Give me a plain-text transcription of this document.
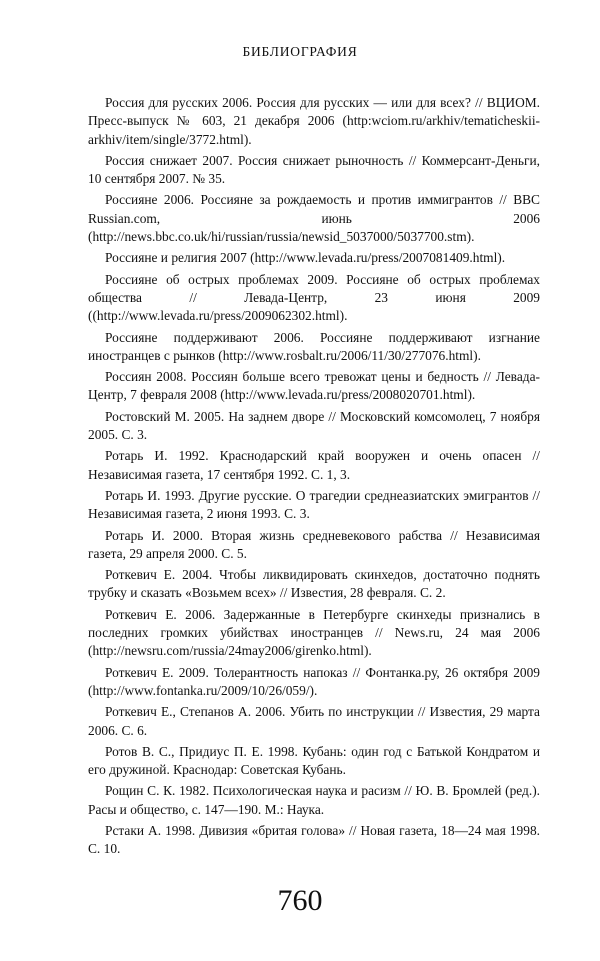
БИБЛИОГРАФИЯ

Россия для русских 2006. Россия для русских — или для всех? // ВЦИОМ. Пресс-выпуск № 603, 21 декабря 2006 (http:wciom.ru/arkhiv/tematicheskii-arkhiv/item/single/3772.html).

Россия снижает 2007. Россия снижает рыночность // Коммерсант-Деньги, 10 сентября 2007. № 35.

Россияне 2006. Россияне за рождаемость и против иммигрантов // BBC Russian.com, июнь 2006 (http://news.bbc.co.uk/hi/russian/russia/newsid_5037000/5037700.stm).

Россияне и религия 2007 (http://www.levada.ru/press/2007081409.html).

Россияне об острых проблемах 2009. Россияне об острых проблемах общества // Левада-Центр, 23 июня 2009 ((http://www.levada.ru/press/2009062302.html).

Россияне поддерживают 2006. Россияне поддерживают изгнание иностранцев с рынков (http://www.rosbalt.ru/2006/11/30/277076.html).

Россиян 2008. Россиян больше всего тревожат цены и бедность // Левада-Центр, 7 февраля 2008 (http://www.levada.ru/press/2008020701.html).

Ростовский М. 2005. На заднем дворе // Московский комсомолец, 7 ноября 2005. С. 3.

Ротарь И. 1992. Краснодарский край вооружен и очень опасен // Независимая газета, 17 сентября 1992. С. 1, 3.

Ротарь И. 1993. Другие русские. О трагедии среднеазиатских эмигрантов // Независимая газета, 2 июня 1993. С. 3.

Ротарь И. 2000. Вторая жизнь средневекового рабства // Независимая газета, 29 апреля 2000. С. 5.

Роткевич Е. 2004. Чтобы ликвидировать скинхедов, достаточно поднять трубку и сказать «Возьмем всех» // Известия, 28 февраля. С. 2.

Роткевич Е. 2006. Задержанные в Петербурге скинхеды признались в последних громких убийствах иностранцев // News.ru, 24 мая 2006 (http://newsru.com/russia/24may2006/girenko.html).

Роткевич Е. 2009. Толерантность напоказ // Фонтанка.ру, 26 октября 2009 (http://www.fontanka.ru/2009/10/26/059/).

Роткевич Е., Степанов А. 2006. Убить по инструкции // Известия, 29 марта 2006. С. 6.

Ротов В. С., Придиус П. Е. 1998. Кубань: один год с Батькой Кондратом и его дружиной. Краснодар: Советская Кубань.

Рощин С. К. 1982. Психологическая наука и расизм // Ю. В. Бромлей (ред.). Расы и общество, с. 147—190. М.: Наука.

Рстаки А. 1998. Дивизия «бритая голова» // Новая газета, 18—24 мая 1998. С. 10.

760
